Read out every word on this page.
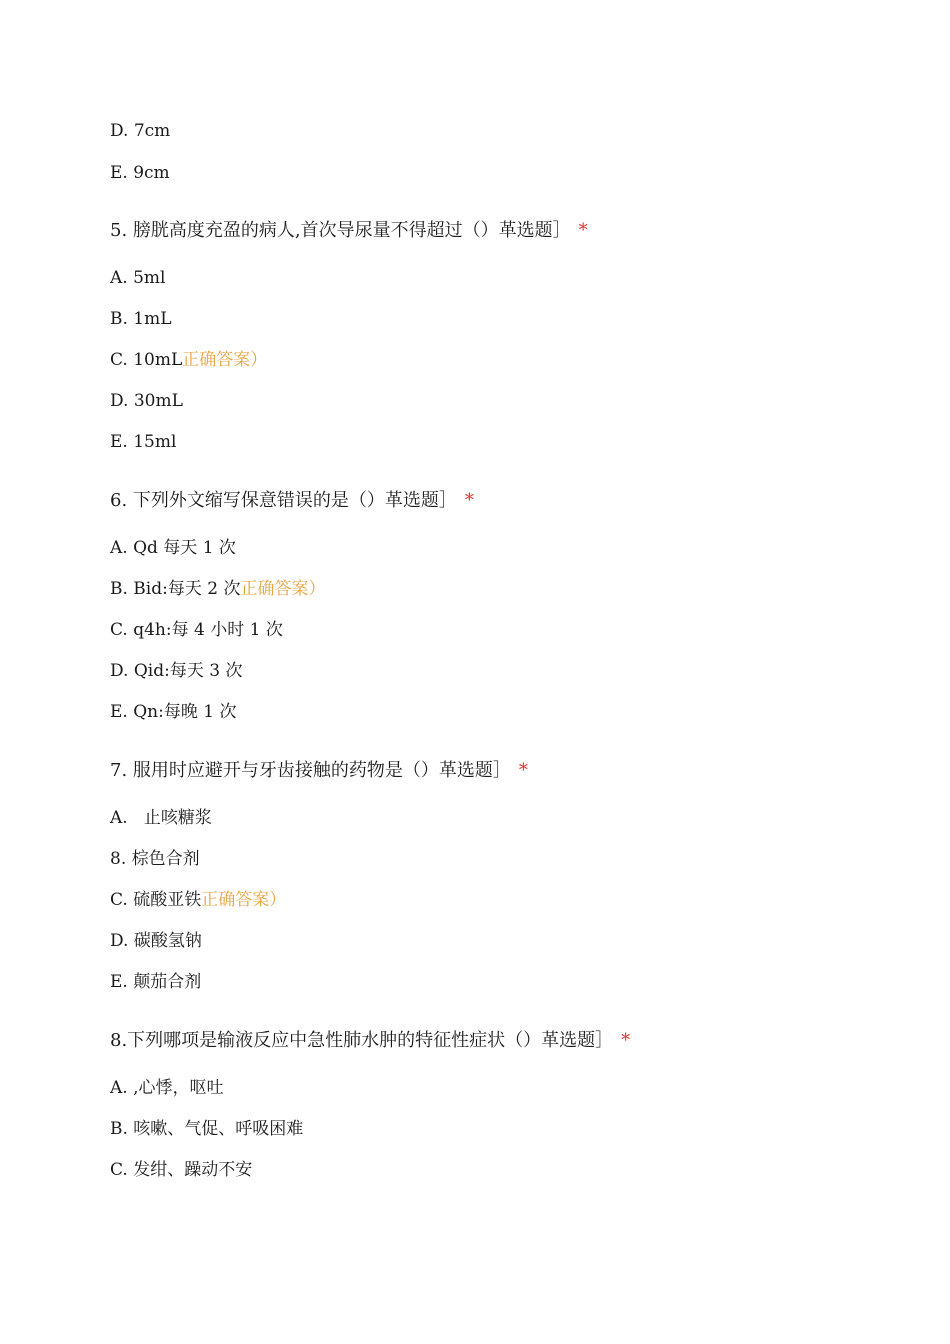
D. 7cm
E. 9cm
5. 膀胱高度充盈的病人,首次导尿量不得超过（）革选题］ *
A. 5ml
B. 1mL
C. 10mL正确答案）
D. 30mL
E. 15ml
6. 下列外文缩写保意错误的是（）革选题］ *
A. Qd 每天 1 次
B. Bid:每天 2 次正确答案）
C. q4h:每 4 小时 1 次
D. Qid:每天 3 次
E. Qn:每晚 1 次
7. 服用时应避开与牙齿接触的药物是（）革选题］ *
A.   止咳糖浆
8. 棕色合剂
C. 硫酸亚铁正确答案）
D. 碳酸氢钠
E. 颠茄合剂
8.下列哪项是输液反应中急性肺水肿的特征性症状（）革选题］ *
A. ,心悸，呕吐
B. 咳嗽、气促、呼吸困难
C. 发绀、躁动不安
